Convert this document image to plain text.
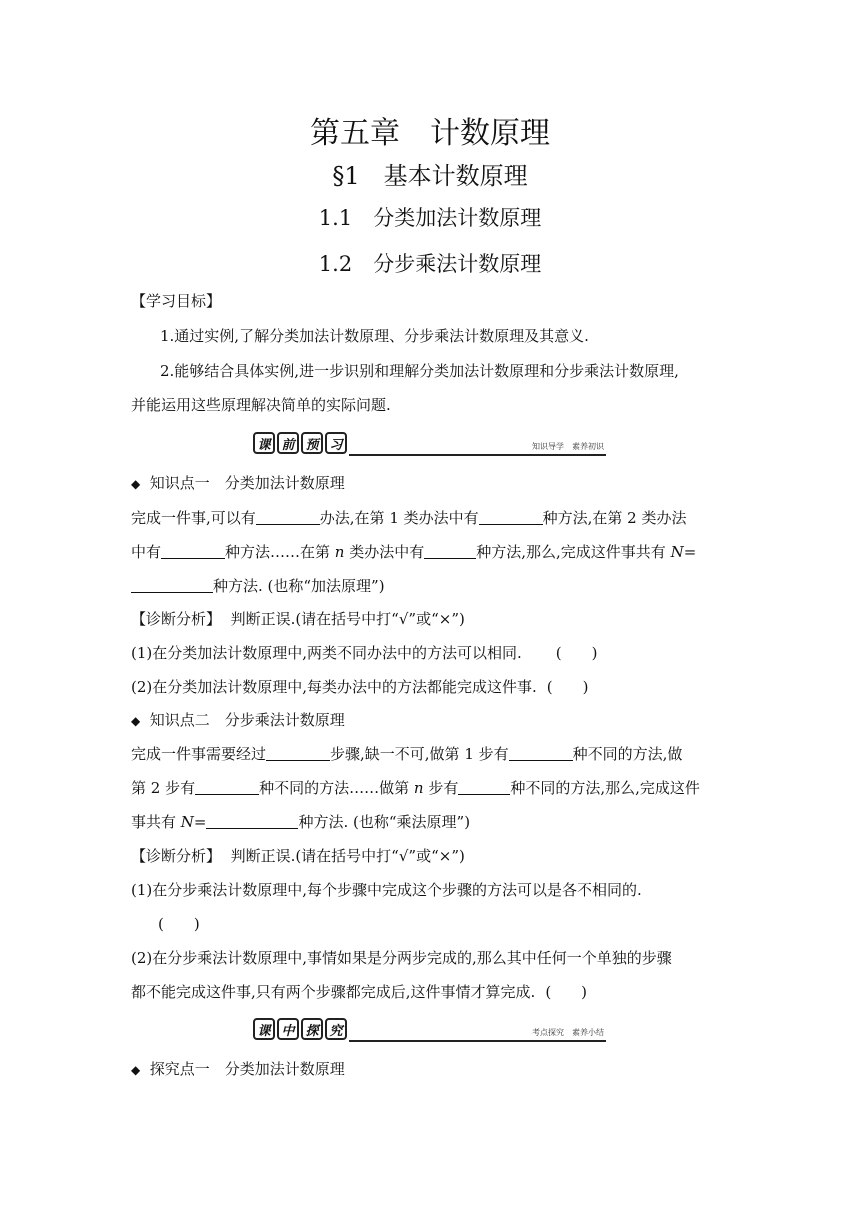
第五章　计数原理
§1　基本计数原理
1.1　分类加法计数原理
1.2　分步乘法计数原理
【学习目标】
1.通过实例,了解分类加法计数原理、分步乘法计数原理及其意义.
2.能够结合具体实例,进一步识别和理解分类加法计数原理和分步乘法计数原理,
并能运用这些原理解决简单的实际问题.
课 前 预 习	知识导学　素养初识
◆ 知识点一　分类加法计数原理
完成一件事,可以有	办法,在第 1 类办法中有	种方法,在第 2 类办法
中有	种方法……在第 n 类办法中有	种方法,那么,完成这件事共有 N=
种方法. (也称“加法原理”)
【诊断分析】 判断正误.(请在括号中打“√”或“×”)
(1)在分类加法计数原理中,两类不同办法中的方法可以相同. (　　)
(2)在分类加法计数原理中,每类办法中的方法都能完成这件事. (　　)
◆ 知识点二　分步乘法计数原理
完成一件事需要经过	步骤,缺一不可,做第 1 步有	种不同的方法,做
第 2 步有	种不同的方法……做第 n 步有	种不同的方法,那么,完成这件
事共有 N=	种方法. (也称“乘法原理”)
【诊断分析】 判断正误.(请在括号中打“√”或“×”)
(1)在分步乘法计数原理中,每个步骤中完成这个步骤的方法可以是各不相同的.
(　　)
(2)在分步乘法计数原理中,事情如果是分两步完成的,那么其中任何一个单独的步骤
都不能完成这件事,只有两个步骤都完成后,这件事情才算完成. (　　)
课 中 探 究	考点探究　素养小结
◆ 探究点一　分类加法计数原理
